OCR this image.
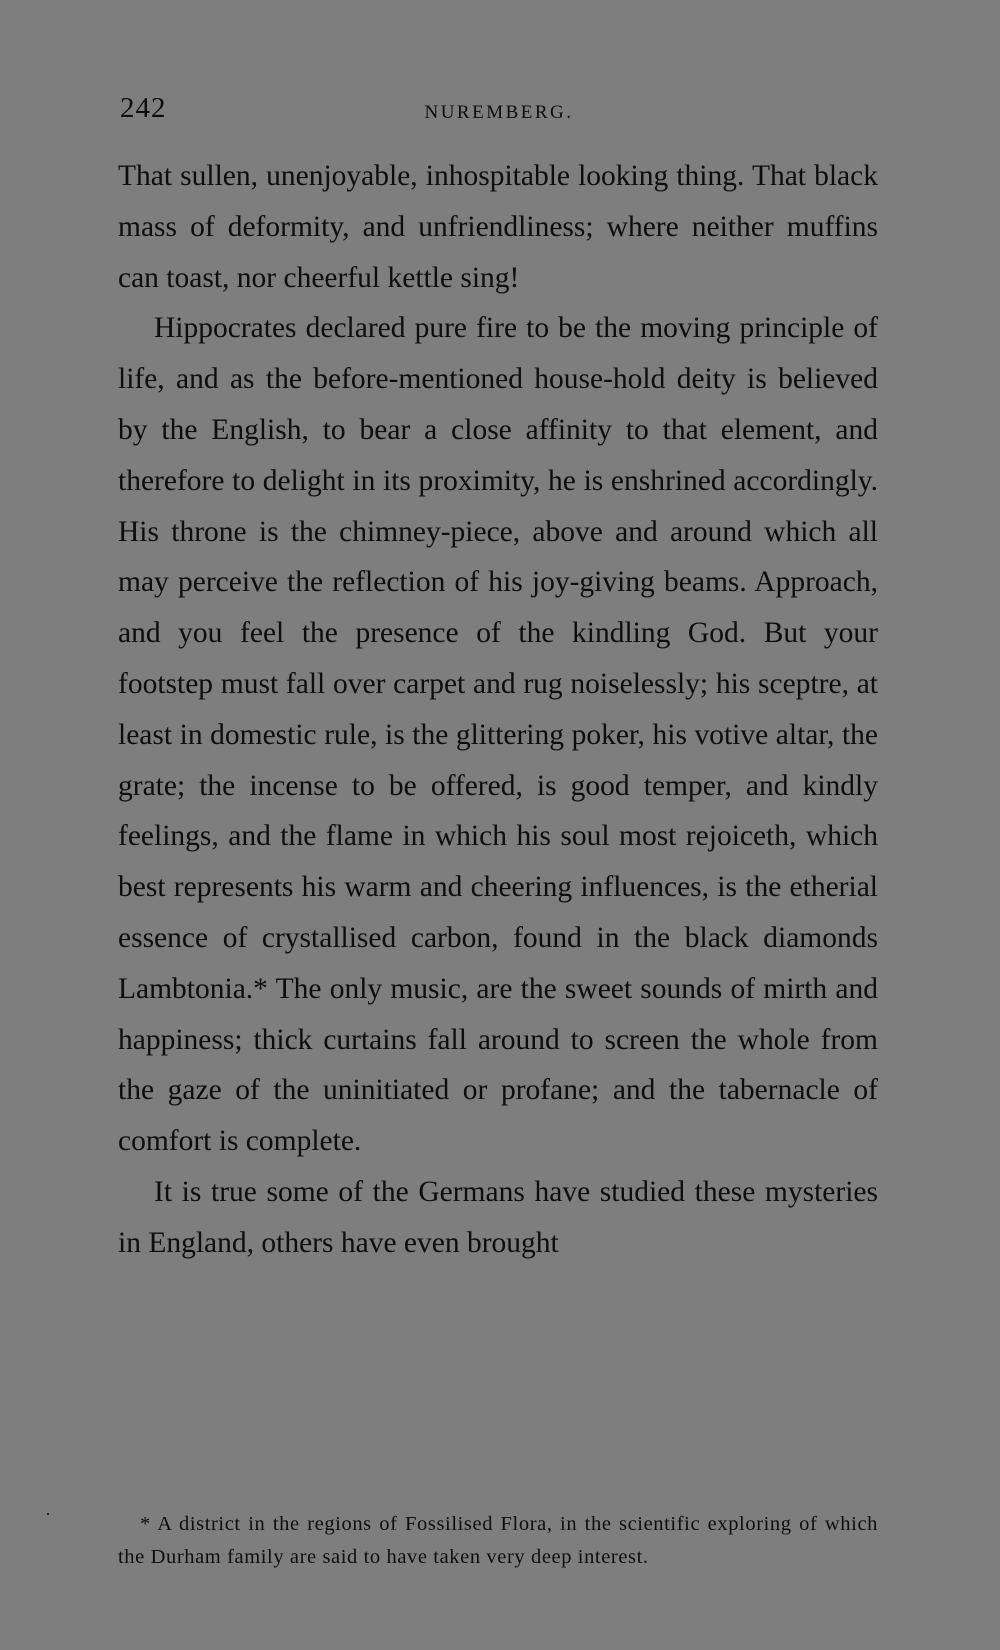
242	NUREMBERG.

That sullen, unenjoyable, inhospitable looking thing. That black mass of deformity, and unfriendliness; where neither muffins can toast, nor cheerful kettle sing!

Hippocrates declared pure fire to be the moving principle of life, and as the before-mentioned house-hold deity is believed by the English, to bear a close affinity to that element, and therefore to delight in its proximity, he is enshrined accordingly. His throne is the chimney-piece, above and around which all may perceive the reflection of his joy-giving beams. Approach, and you feel the presence of the kindling God. But your footstep must fall over carpet and rug noiselessly; his sceptre, at least in domestic rule, is the glittering poker, his votive altar, the grate; the incense to be offered, is good temper, and kindly feelings, and the flame in which his soul most rejoiceth, which best represents his warm and cheering influences, is the etherial essence of crystallised carbon, found in the black diamonds Lambtonia.* The only music, are the sweet sounds of mirth and happiness; thick curtains fall around to screen the whole from the gaze of the uninitiated or profane; and the tabernacle of comfort is complete.

It is true some of the Germans have studied these mysteries in England, others have even brought

* A district in the regions of Fossilised Flora, in the scientific exploring of which the Durham family are said to have taken very deep interest.
